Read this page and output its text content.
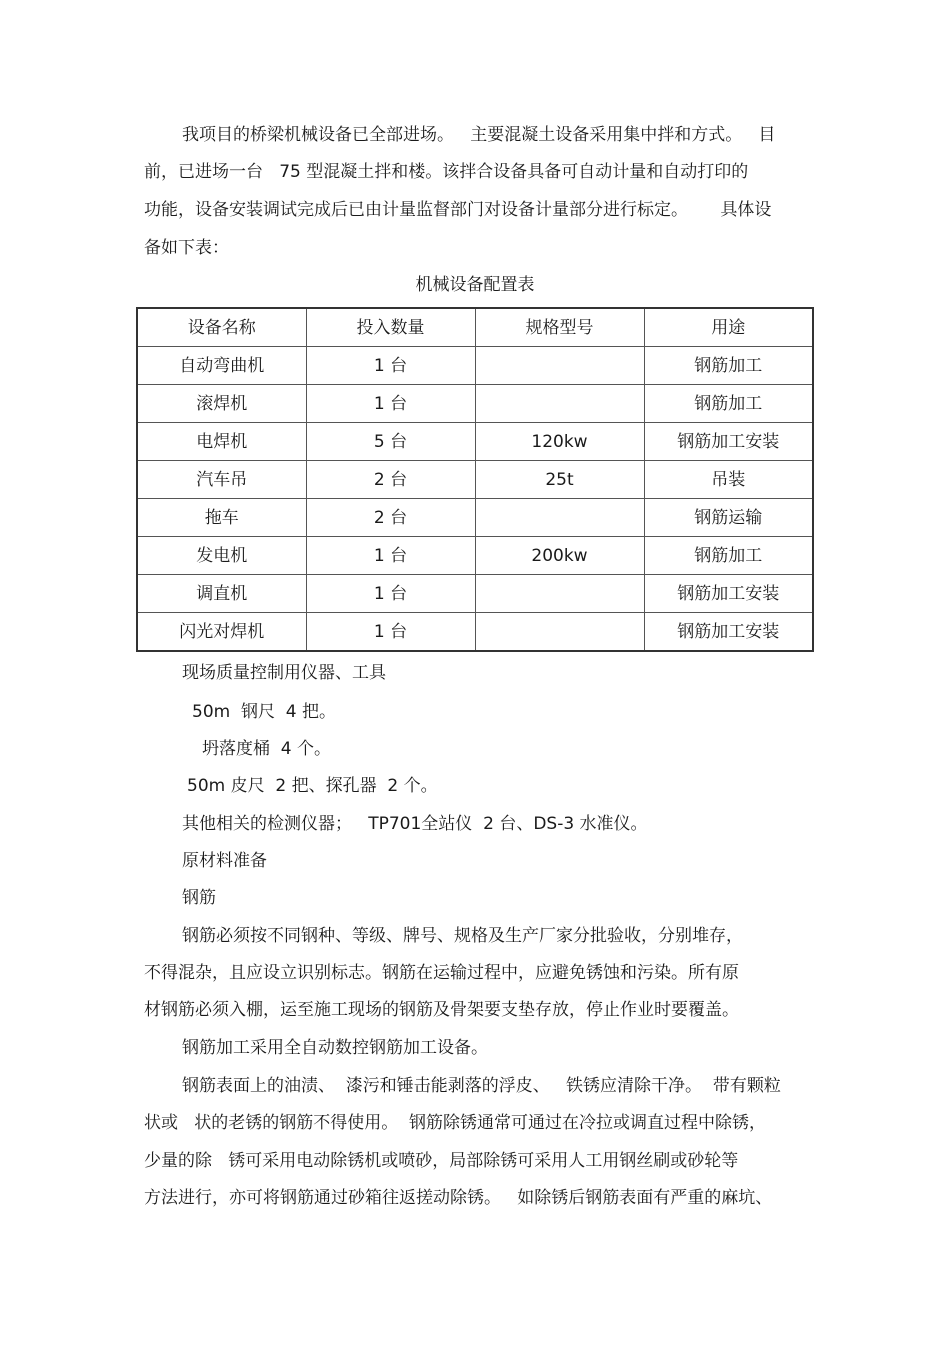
我项目的桥梁机械设备已全部进场。   主要混凝土设备采用集中拌和方式。   目
前，已进场一台   75 型混凝土拌和楼。该拌合设备具备可自动计量和自动打印的
功能，设备安装调试完成后已由计量监督部门对设备计量部分进行标定。      具体设
备如下表：
机械设备配置表
设备名称	投入数量	规格型号	用途
自动弯曲机	1 台		钢筋加工
滚焊机	1 台		钢筋加工
电焊机	5 台	120kw	钢筋加工安装
汽车吊	2 台	25t	吊装
拖车	2 台		钢筋运输
发电机	1 台	200kw	钢筋加工
调直机	1 台		钢筋加工安装
闪光对焊机	1 台		钢筋加工安装
现场质量控制用仪器、工具
50m  钢尺  4 把。
坍落度桶  4 个。
50m 皮尺  2 把、探孔器  2 个。
其他相关的检测仪器；   TP701全站仪  2 台、DS-3 水准仪。
原材料准备
钢筋
钢筋必须按不同钢种、等级、牌号、规格及生产厂家分批验收，分别堆存，
不得混杂，且应设立识别标志。钢筋在运输过程中，应避免锈蚀和污染。所有原
材钢筋必须入棚，运至施工现场的钢筋及骨架要支垫存放，停止作业时要覆盖。
钢筋加工采用全自动数控钢筋加工设备。
钢筋表面上的油渍、  漆污和锤击能剥落的浮皮、   铁锈应清除干净。  带有颗粒
状或   状的老锈的钢筋不得使用。  钢筋除锈通常可通过在冷拉或调直过程中除锈，
少量的除   锈可采用电动除锈机或喷砂，局部除锈可采用人工用钢丝刷或砂轮等
方法进行，亦可将钢筋通过砂箱往返搓动除锈。   如除锈后钢筋表面有严重的麻坑、
